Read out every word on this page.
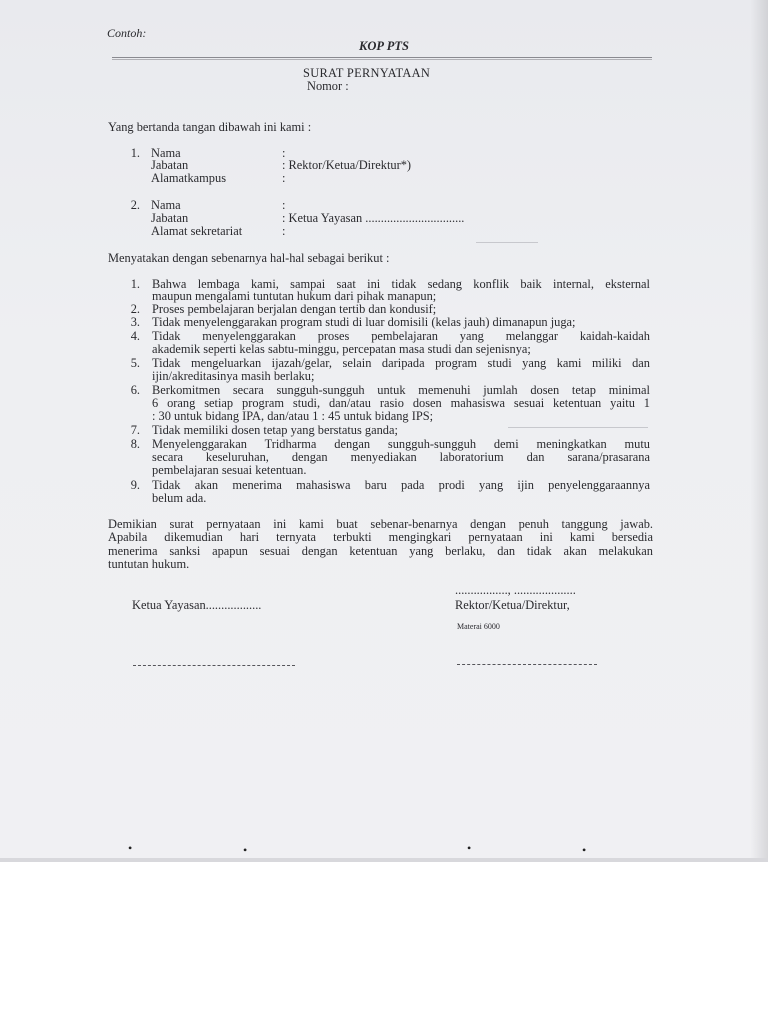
Contoh:
KOP PTS
SURAT PERNYATAAN
Nomor :
Yang bertanda tangan dibawah ini kami :
1. Nama	:
Jabatan	: Rektor/Ketua/Direktur*)
Alamatkampus	:
2. Nama	:
Jabatan	: Ketua Yayasan ................................
Alamat sekretariat	:
Menyatakan dengan sebenarnya hal-hal sebagai berikut :
1. Bahwa lembaga kami, sampai saat ini tidak sedang konflik baik internal, eksternal
maupun mengalami tuntutan hukum dari pihak manapun;
2. Proses pembelajaran berjalan dengan tertib dan kondusif;
3. Tidak menyelenggarakan program studi di luar domisili (kelas jauh) dimanapun juga;
4. Tidak menyelenggarakan proses pembelajaran yang melanggar kaidah-kaidah
akademik seperti kelas sabtu-minggu, percepatan masa studi dan sejenisnya;
5. Tidak mengeluarkan ijazah/gelar, selain daripada program studi yang kami miliki dan
ijin/akreditasinya masih berlaku;
6. Berkomitmen secara sungguh-sungguh untuk memenuhi jumlah dosen tetap minimal
6 orang setiap program studi, dan/atau rasio dosen mahasiswa sesuai ketentuan yaitu 1
: 30 untuk bidang IPA, dan/atau 1 : 45 untuk bidang IPS;
7. Tidak memiliki dosen tetap yang berstatus ganda;
8. Menyelenggarakan Tridharma dengan sungguh-sungguh demi meningkatkan mutu
secara keseluruhan, dengan menyediakan laboratorium dan sarana/prasarana
pembelajaran sesuai ketentuan.
9. Tidak akan menerima mahasiswa baru pada prodi yang ijin penyelenggaraannya
belum ada.
Demikian surat pernyataan ini kami buat sebenar-benarnya dengan penuh tanggung jawab.
Apabila dikemudian hari ternyata terbukti mengingkari pernyataan ini kami bersedia
menerima sanksi apapun sesuai dengan ketentuan yang berlaku, dan tidak akan melakukan
tuntutan hukum.
................., ....................
Ketua Yayasan..................	Rektor/Ketua/Direktur,
Materai 6000
•	•	•	•
